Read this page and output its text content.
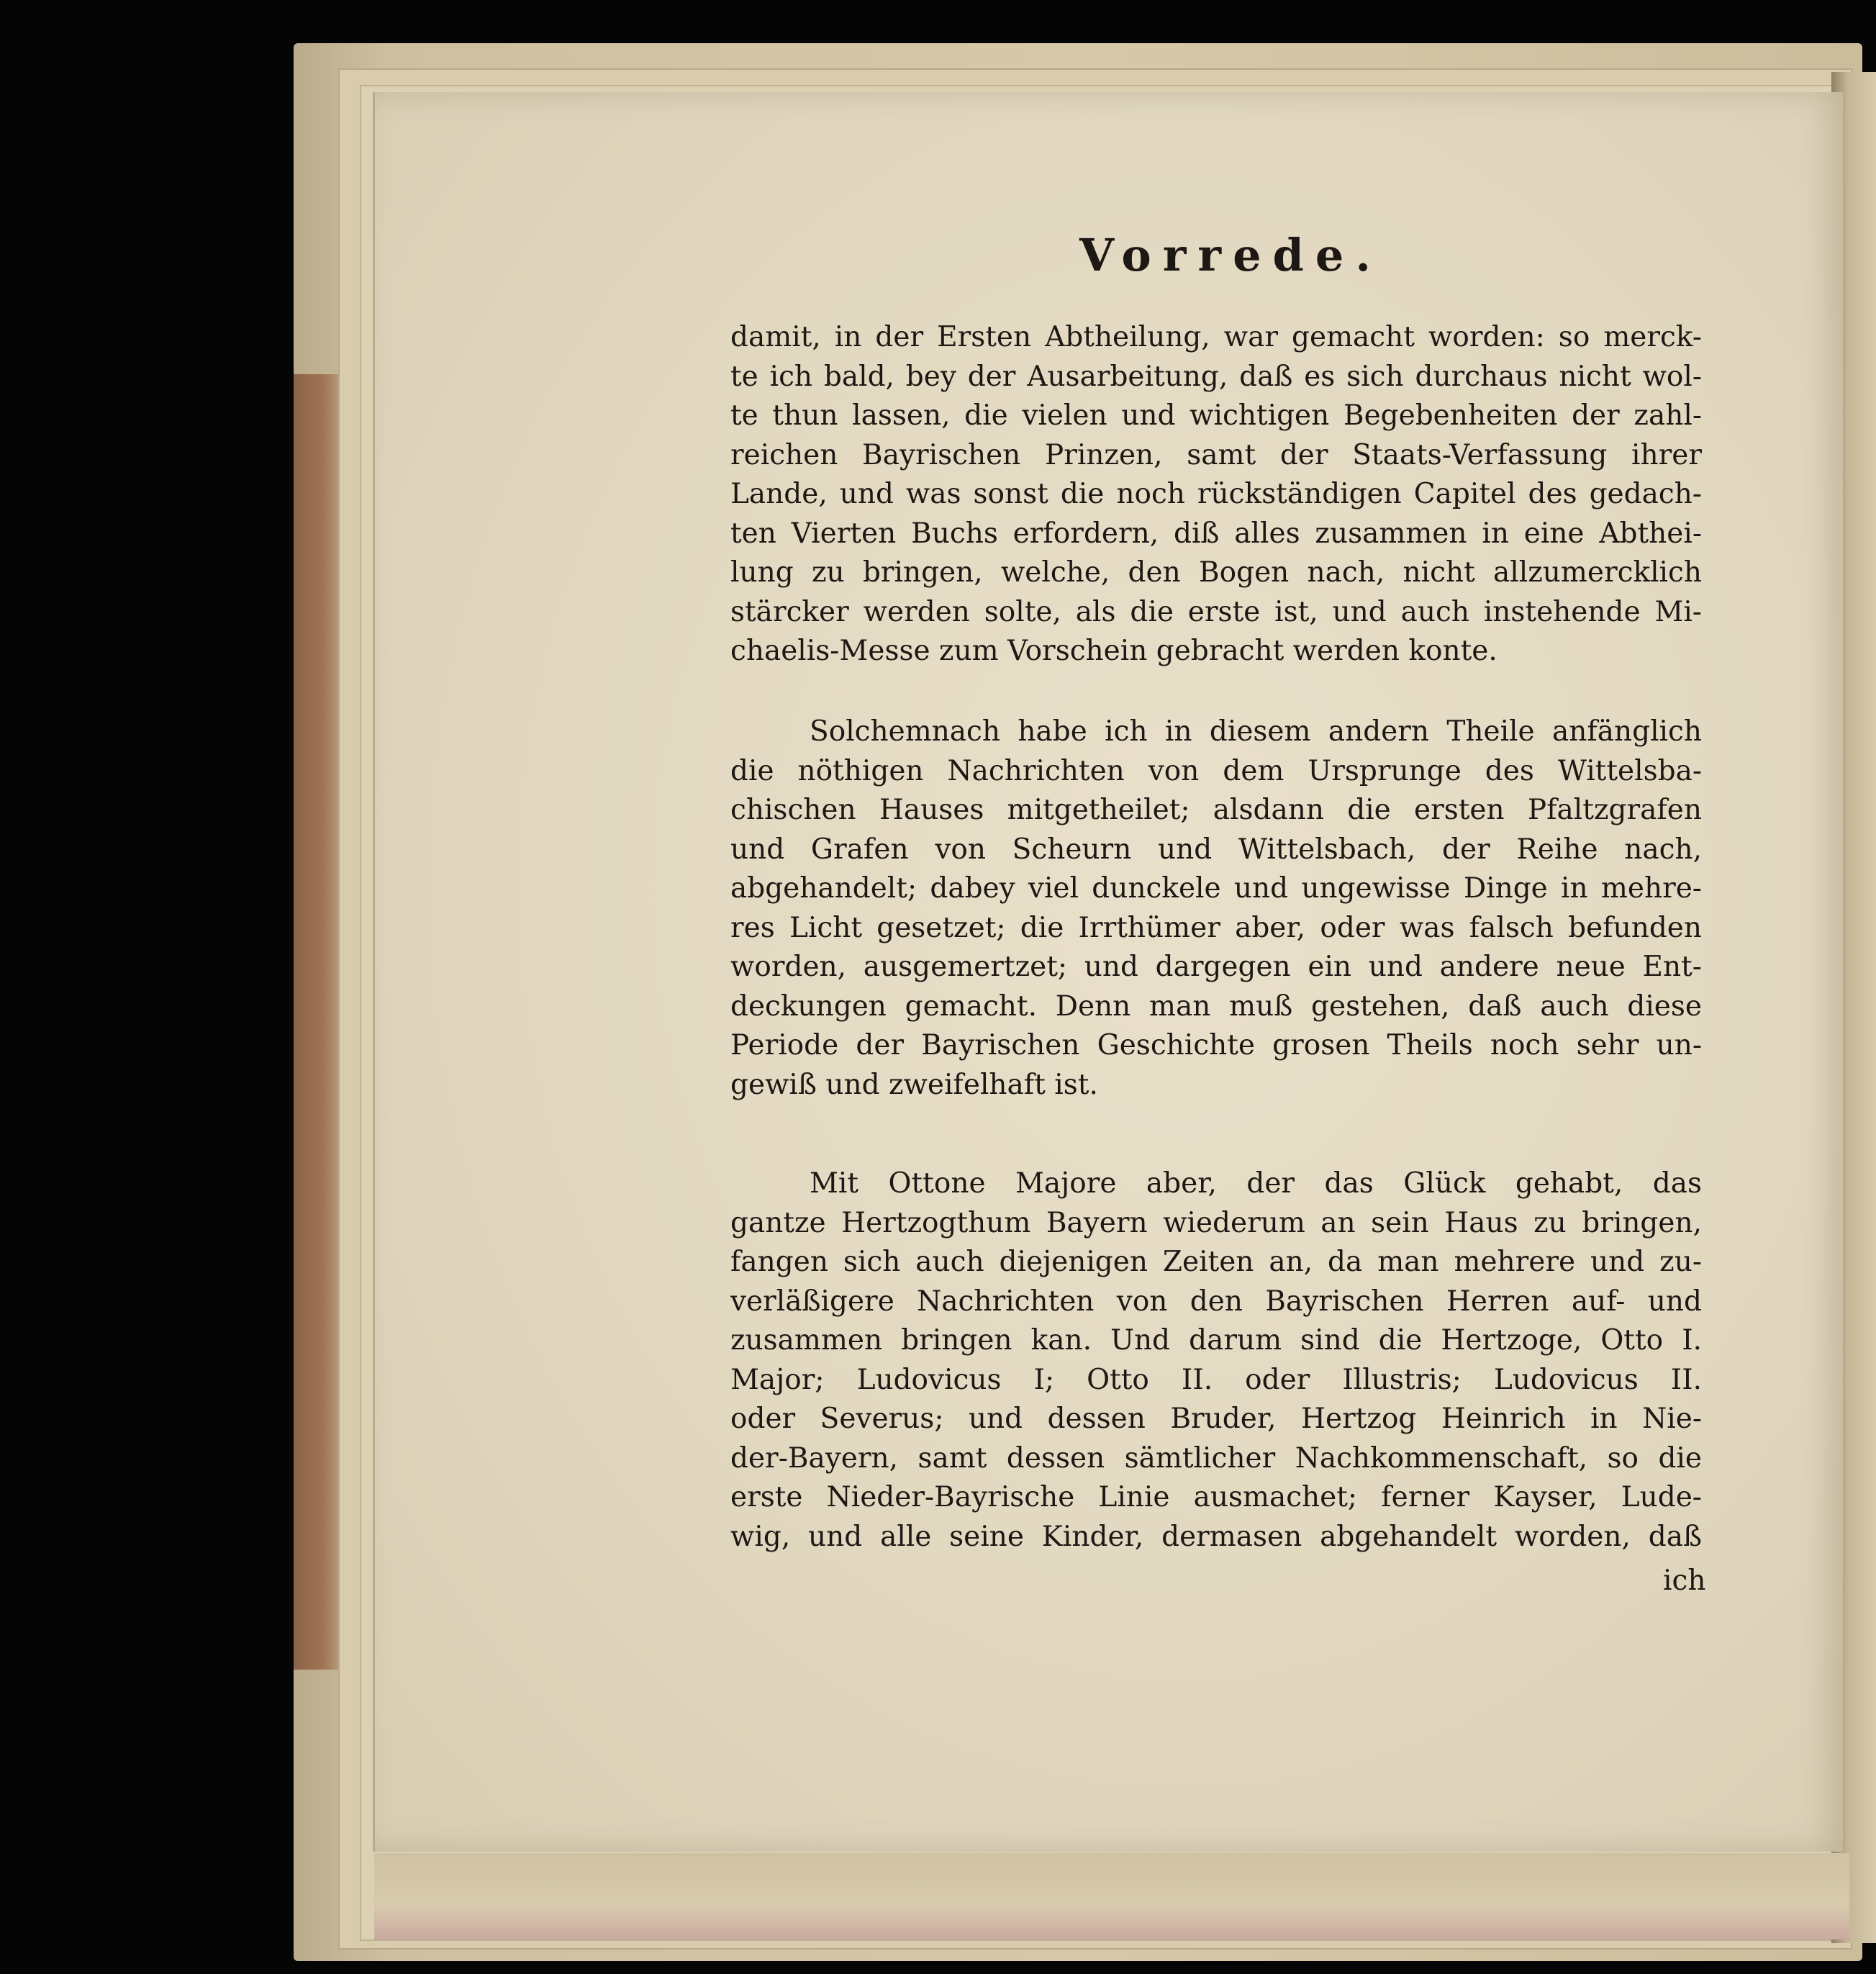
Vorrede.
damit, in der Ersten Abtheilung, war gemacht worden: so merck-
te ich bald, bey der Ausarbeitung, daß es sich durchaus nicht wol-
te thun lassen, die vielen und wichtigen Begebenheiten der zahl-
reichen Bayrischen Prinzen, samt der Staats-Verfassung ihrer
Lande, und was sonst die noch rückständigen Capitel des gedach-
ten Vierten Buchs erfordern, diß alles zusammen in eine Abthei-
lung zu bringen, welche, den Bogen nach, nicht allzumercklich
stärcker werden solte, als die erste ist, und auch instehende Mi-
chaelis-Messe zum Vorschein gebracht werden konte.
Solchemnach habe ich in diesem andern Theile anfänglich
die nöthigen Nachrichten von dem Ursprunge des Wittelsba-
chischen Hauses mitgetheilet; alsdann die ersten Pfaltzgrafen
und Grafen von Scheurn und Wittelsbach, der Reihe nach,
abgehandelt; dabey viel dunckele und ungewisse Dinge in mehre-
res Licht gesetzet; die Irrthümer aber, oder was falsch befunden
worden, ausgemertzet; und dargegen ein und andere neue Ent-
deckungen gemacht. Denn man muß gestehen, daß auch diese
Periode der Bayrischen Geschichte grosen Theils noch sehr un-
gewiß und zweifelhaft ist.
Mit Ottone Majore aber, der das Glück gehabt, das
gantze Hertzogthum Bayern wiederum an sein Haus zu bringen,
fangen sich auch diejenigen Zeiten an, da man mehrere und zu-
verläßigere Nachrichten von den Bayrischen Herren auf- und
zusammen bringen kan. Und darum sind die Hertzoge, Otto I.
Major; Ludovicus I; Otto II. oder Illustris; Ludovicus II.
oder Severus; und dessen Bruder, Hertzog Heinrich in Nie-
der-Bayern, samt dessen sämtlicher Nachkommenschaft, so die
erste Nieder-Bayrische Linie ausmachet; ferner Kayser, Lude-
wig, und alle seine Kinder, dermasen abgehandelt worden, daß
ich
